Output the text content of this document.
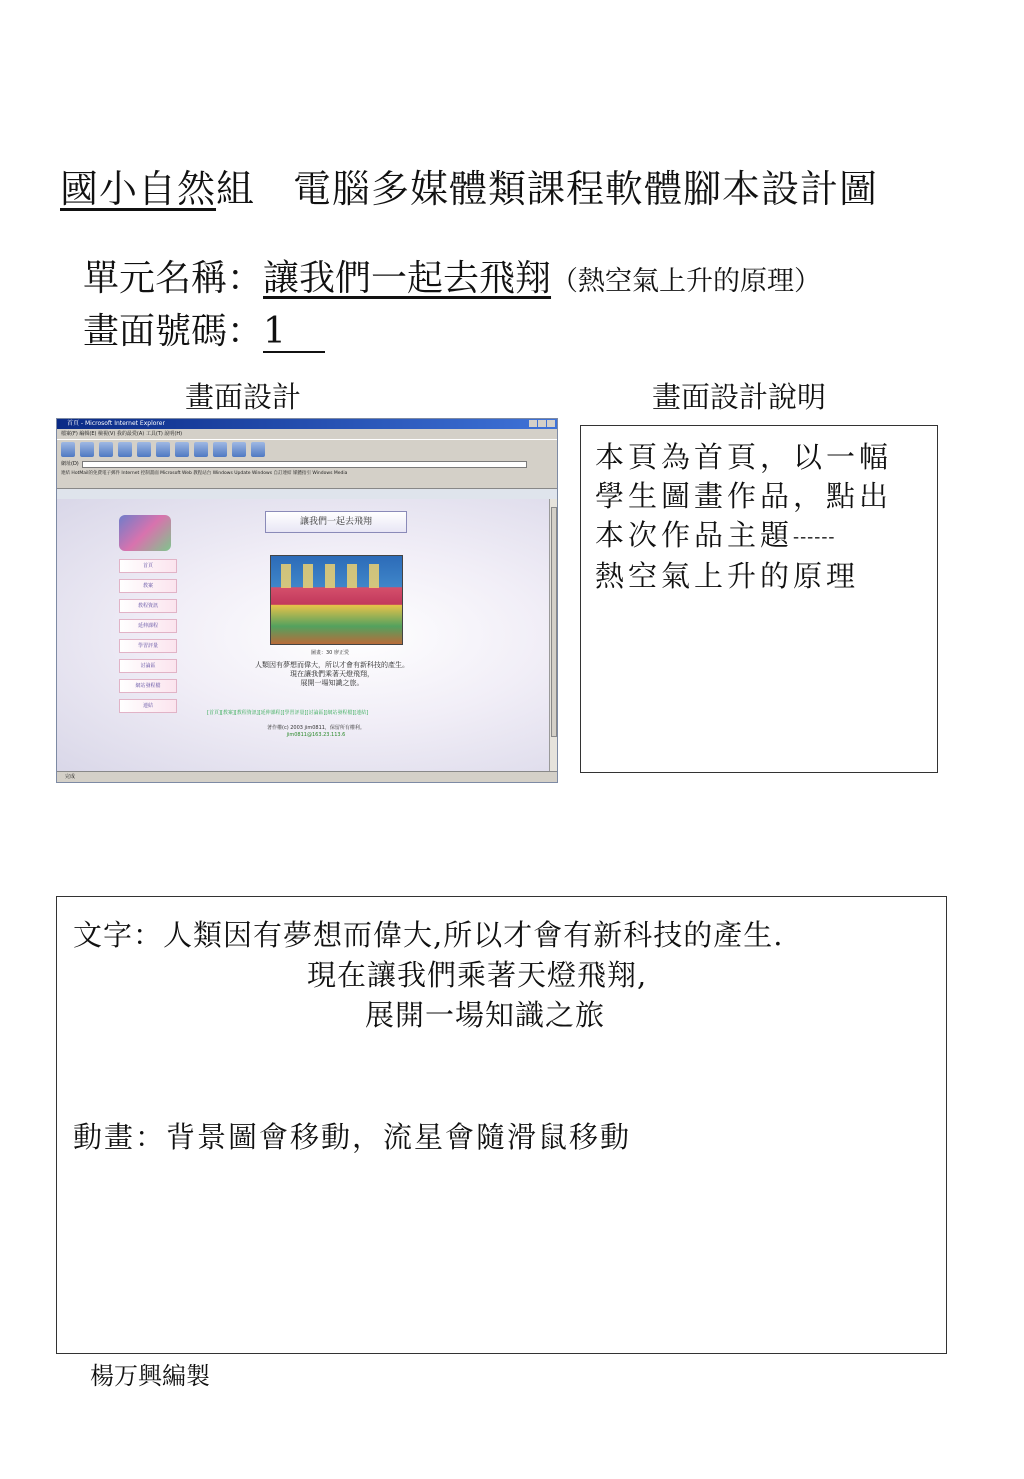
國小自然組 電腦多媒體類課程軟體腳本設計圖
單元名稱：讓我們一起去飛翔（熱空氣上升的原理）
畫面號碼：1
畫面設計	畫面設計說明
首頁 - Microsoft Internet Explorer
檔案(F) 編輯(E) 檢視(V) 我的最愛(A) 工具(T) 說明(H)
網址(D)
連結 HotMail的免費電子郵件 Internet 控制畫面 Microsoft Web 教程站台 Windows Update Windows 自訂連結 媒體指引 Windows Media
讓我們一起去飛翔
首頁
教案
教程資訊
延伸課程
學習評量
討論區
網站發程檔
連結
圖畫：30 廖正愛
人類因有夢想而偉大，所以才會有新科技的產生。
現在讓我們乘著天燈飛翔，
展開一場知識之旅。
[首頁][教案][教程資訊][延伸課程][學習評量][討論區][網站發程檔][連結]
著作權(c) 2003 jim0811，保留所有權利。
jim0811@163.23.113.6
完成
本頁為首頁，以一幅
學生圖畫作品，點出
本次作品主題------
熱空氣上升的原理
文字：人類因有夢想而偉大,所以才會有新科技的產生.
現在讓我們乘著天燈飛翔,
展開一場知識之旅
動畫：背景圖會移動，流星會隨滑鼠移動
楊万興編製
